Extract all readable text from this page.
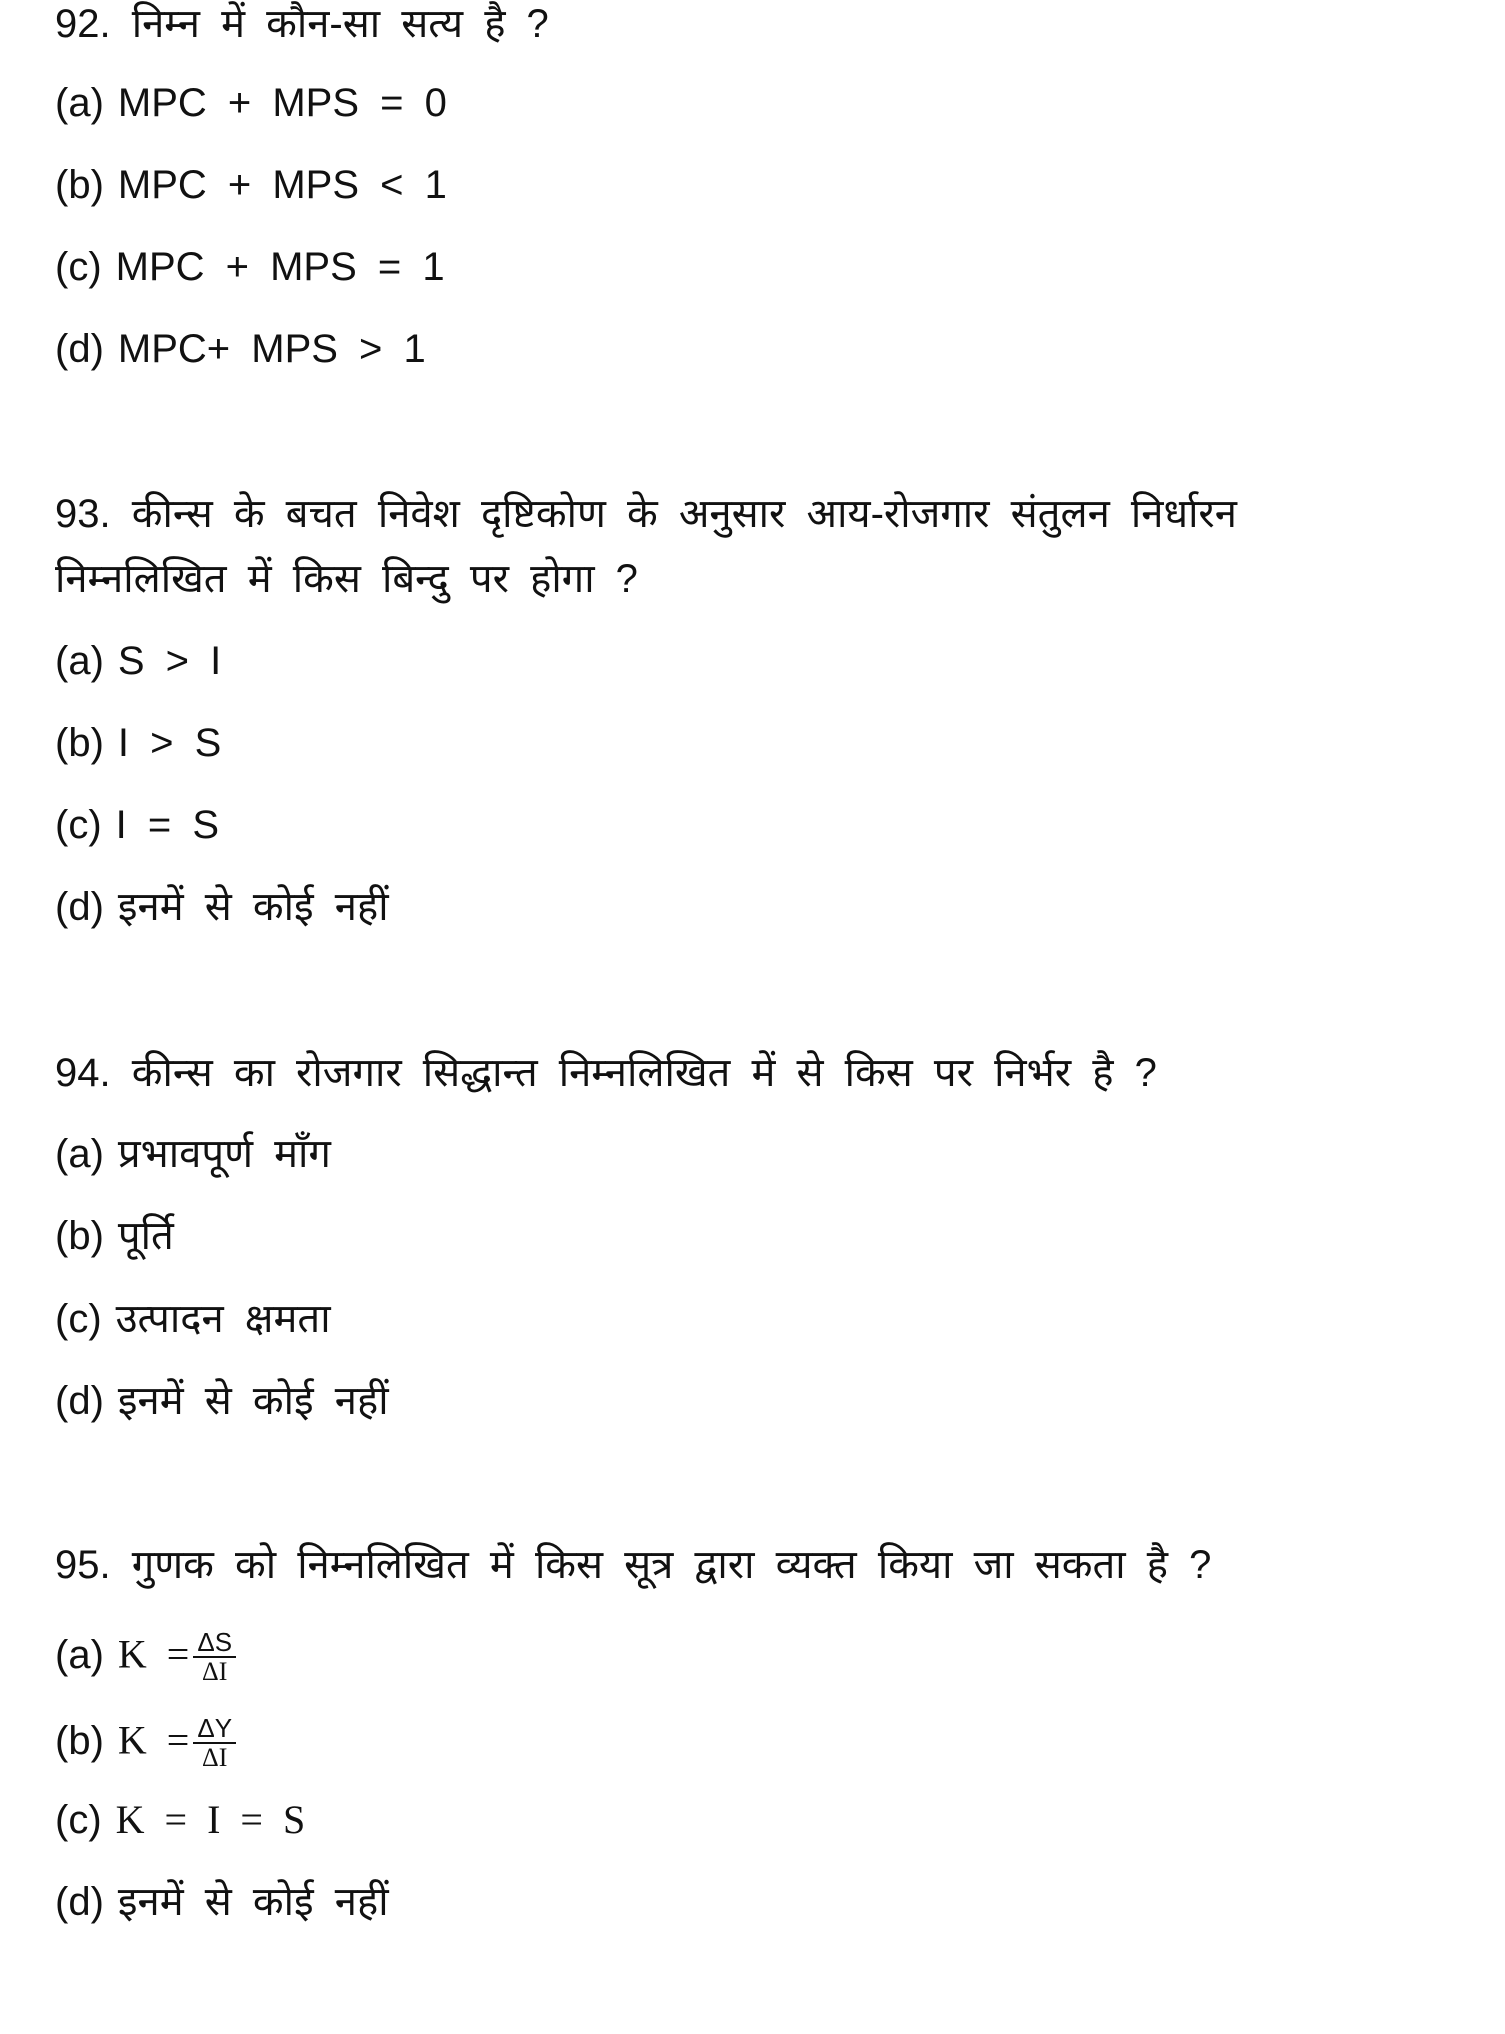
92. निम्न में कौन-सा सत्य है ?
(a) MPC + MPS = 0
(b) MPC + MPS < 1
(c) MPC + MPS = 1
(d) MPC+ MPS > 1
93. कीन्स के बचत निवेश दृष्टिकोण के अनुसार आय-रोजगार संतुलन निर्धारन
निम्नलिखित में किस बिन्दु पर होगा ?
(a) S > I
(b) I > S
(c) I = S
(d) इनमें से कोई नहीं
94. कीन्स का रोजगार सिद्धान्त निम्नलिखित में से किस पर निर्भर है ?
(a) प्रभावपूर्ण माँग
(b) पूर्ति
(c) उत्पादन क्षमता
(d) इनमें से कोई नहीं
95. गुणक को निम्नलिखित में किस सूत्र द्वारा व्यक्त किया जा सकता है ?
(a) $K = \frac{\Delta S}{\Delta I}$
(b) $K = \frac{\Delta Y}{\Delta I}$
(c) K = I = S
(d) इनमें से कोई नहीं
